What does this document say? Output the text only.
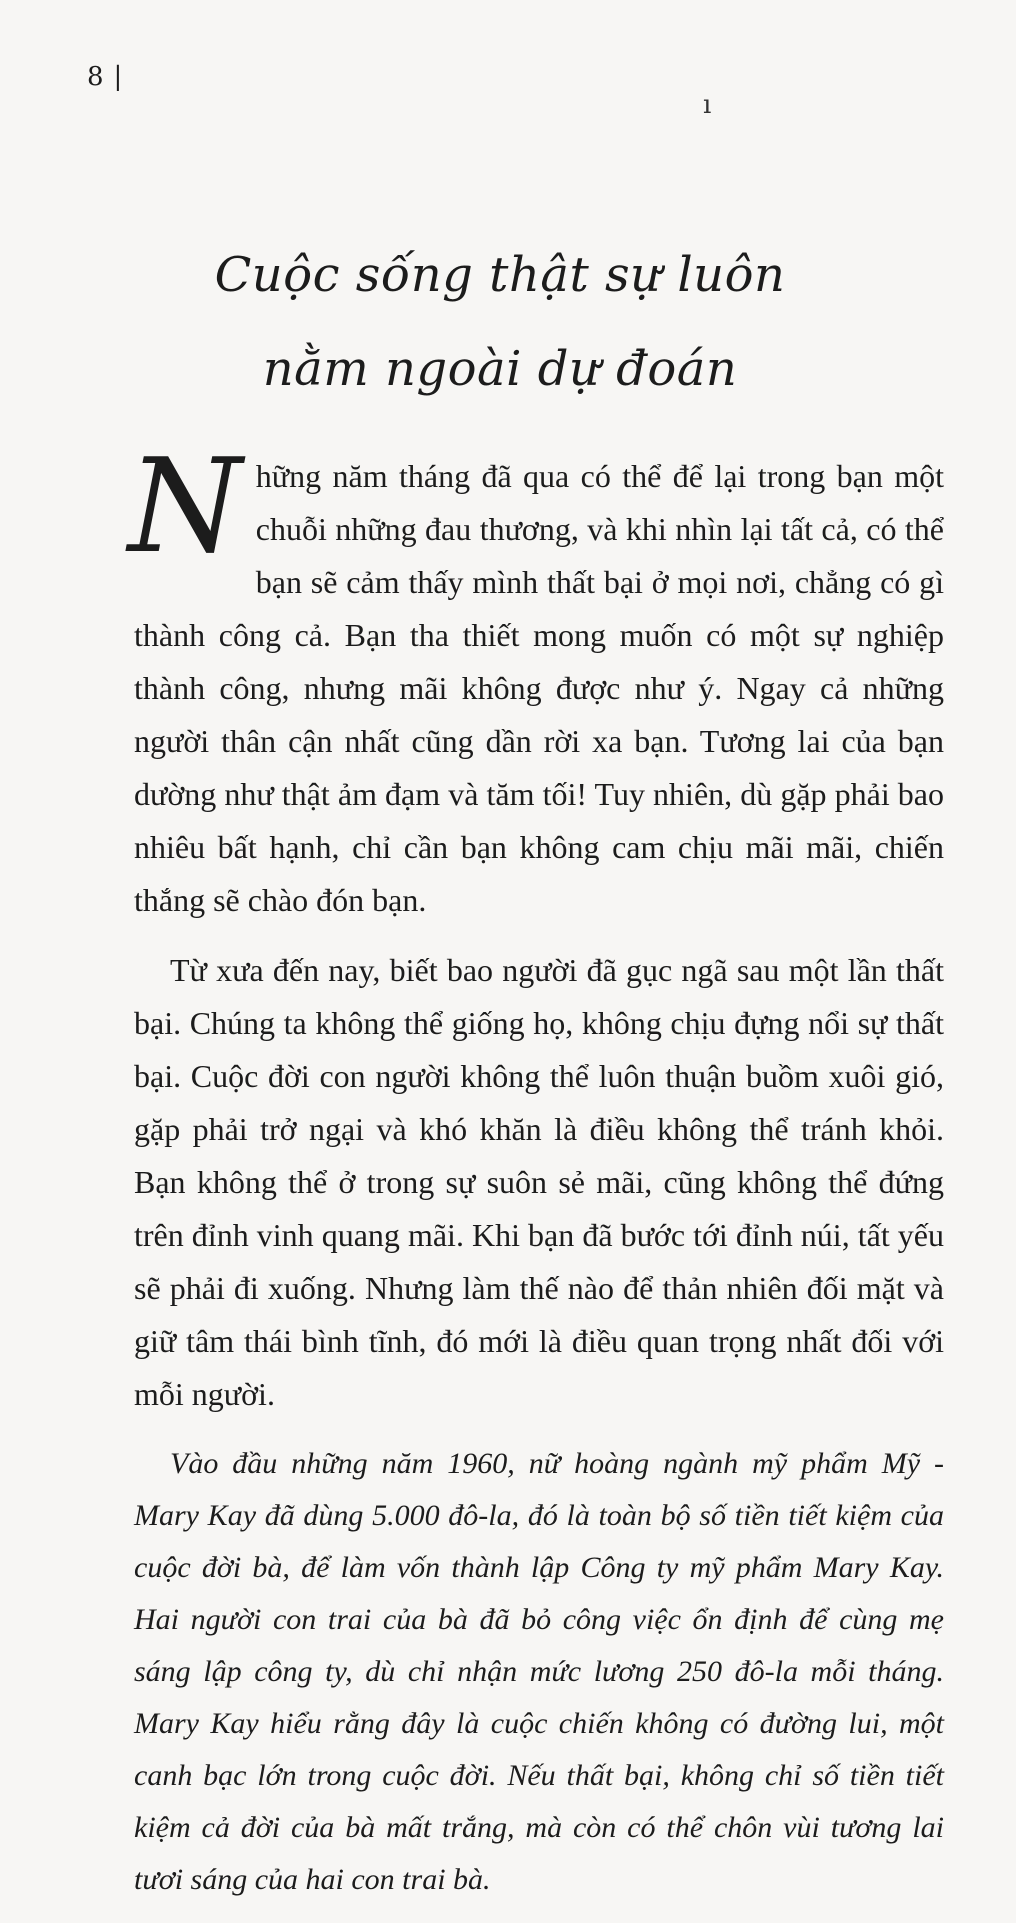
8 |
ı
Cuộc sống thật sự luôn
nằm ngoài dự đoán

Những năm tháng đã qua có thể để lại trong bạn một chuỗi những đau thương, và khi nhìn lại tất cả, có thể bạn sẽ cảm thấy mình thất bại ở mọi nơi, chẳng có gì thành công cả. Bạn tha thiết mong muốn có một sự nghiệp thành công, nhưng mãi không được như ý. Ngay cả những người thân cận nhất cũng dần rời xa bạn. Tương lai của bạn dường như thật ảm đạm và tăm tối! Tuy nhiên, dù gặp phải bao nhiêu bất hạnh, chỉ cần bạn không cam chịu mãi mãi, chiến thắng sẽ chào đón bạn.

Từ xưa đến nay, biết bao người đã gục ngã sau một lần thất bại. Chúng ta không thể giống họ, không chịu đựng nổi sự thất bại. Cuộc đời con người không thể luôn thuận buồm xuôi gió, gặp phải trở ngại và khó khăn là điều không thể tránh khỏi. Bạn không thể ở trong sự suôn sẻ mãi, cũng không thể đứng trên đỉnh vinh quang mãi. Khi bạn đã bước tới đỉnh núi, tất yếu sẽ phải đi xuống. Nhưng làm thế nào để thản nhiên đối mặt và giữ tâm thái bình tĩnh, đó mới là điều quan trọng nhất đối với mỗi người.

Vào đầu những năm 1960, nữ hoàng ngành mỹ phẩm Mỹ - Mary Kay đã dùng 5.000 đô-la, đó là toàn bộ số tiền tiết kiệm của cuộc đời bà, để làm vốn thành lập Công ty mỹ phẩm Mary Kay. Hai người con trai của bà đã bỏ công việc ổn định để cùng mẹ sáng lập công ty, dù chỉ nhận mức lương 250 đô-la mỗi tháng. Mary Kay hiểu rằng đây là cuộc chiến không có đường lui, một canh bạc lớn trong cuộc đời. Nếu thất bại, không chỉ số tiền tiết kiệm cả đời của bà mất trắng, mà còn có thể chôn vùi tương lai tươi sáng của hai con trai bà.
